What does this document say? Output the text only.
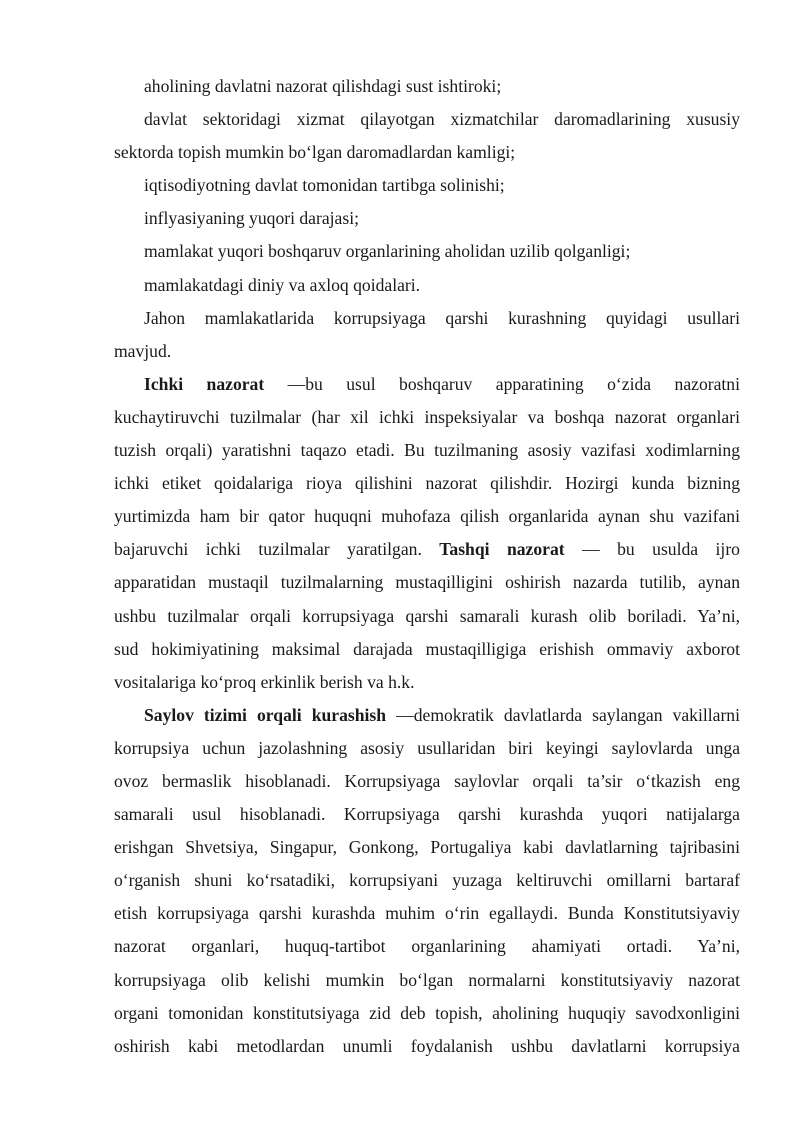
aholining davlatni nazorat qilishdagi sust ishtiroki;
davlat sektoridagi xizmat qilayotgan xizmatchilar daromadlarining xususiy
sektorda topish mumkin bo‘lgan daromadlardan kamligi;
iqtisodiyotning davlat tomonidan tartibga solinishi;
inflyasiyaning yuqori darajasi;
mamlakat yuqori boshqaruv organlarining aholidan uzilib qolganligi;
mamlakatdagi diniy va axloq qoidalari.
Jahon mamlakatlarida korrupsiyaga qarshi kurashning quyidagi usullari
mavjud.
Ichki nazorat —bu usul boshqaruv apparatining o‘zida nazoratni
kuchaytiruvchi tuzilmalar (har xil ichki inspeksiyalar va boshqa nazorat organlari
tuzish orqali) yaratishni taqazo etadi. Bu tuzilmaning asosiy vazifasi xodimlarning
ichki etiket qoidalariga rioya qilishini nazorat qilishdir. Hozirgi kunda bizning
yurtimizda ham bir qator huquqni muhofaza qilish organlarida aynan shu vazifani
bajaruvchi ichki tuzilmalar yaratilgan. Tashqi nazorat — bu usulda ijro
apparatidan mustaqil tuzilmalarning mustaqilligini oshirish nazarda tutilib, aynan
ushbu tuzilmalar orqali korrupsiyaga qarshi samarali kurash olib boriladi. Ya’ni,
sud hokimiyatining maksimal darajada mustaqilligiga erishish ommaviy axborot
vositalariga ko‘proq erkinlik berish va h.k.
Saylov tizimi orqali kurashish —demokratik davlatlarda saylangan vakillarni
korrupsiya uchun jazolashning asosiy usullaridan biri keyingi saylovlarda unga
ovoz bermaslik hisoblanadi. Korrupsiyaga saylovlar orqali ta’sir o‘tkazish eng
samarali usul hisoblanadi. Korrupsiyaga qarshi kurashda yuqori natijalarga
erishgan Shvetsiya, Singapur, Gonkong, Portugaliya kabi davlatlarning tajribasini
o‘rganish shuni ko‘rsatadiki, korrupsiyani yuzaga keltiruvchi omillarni bartaraf
etish korrupsiyaga qarshi kurashda muhim o‘rin egallaydi. Bunda Konstitutsiyaviy
nazorat organlari, huquq-tartibot organlarining ahamiyati ortadi. Ya’ni,
korrupsiyaga olib kelishi mumkin bo‘lgan normalarni konstitutsiyaviy nazorat
organi tomonidan konstitutsiyaga zid deb topish, aholining huquqiy savodxonligini
oshirish kabi metodlardan unumli foydalanish ushbu davlatlarni korrupsiya
